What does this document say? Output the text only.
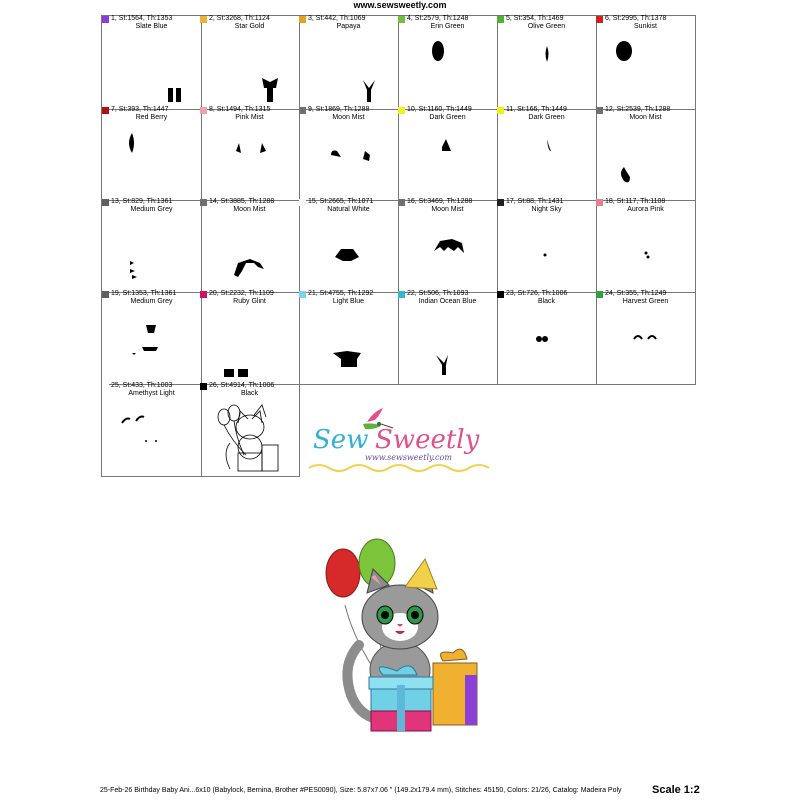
www.sewsweetly.com
1, St:1564, Th:1353
Slate Blue
2, St:3268, Th:1124
Star Gold
3, St:442, Th:1069
Papaya
4, St:2579, Th:1248
Erin Green
5, St:354, Th:1469
Olive Green
6, St:2995, Th:1378
Sunkist
7, St:393, Th:1447
Red Berry
8, St:1494, Th:1315
Pink Mist
9, St:1869, Th:1288
Moon Mist
10, St:1160, Th:1449
Dark Green
11, St:166, Th:1449
Dark Green
12, St:2539, Th:1288
Moon Mist
13, St:829, Th:1361
Medium Grey
14, St:3885, Th:1288
Moon Mist
15, St:2665, Th:1071
Natural White
16, St:3469, Th:1288
Moon Mist
17, St:88, Th:1431
Night Sky
18, St:117, Th:1108
Aurora Pink
19, St:1353, Th:1361
Medium Grey
20, St:2232, Th:1109
Ruby Glint
21, St:4755, Th:1292
Light Blue
22, St:506, Th:1093
Indian Ocean Blue
23, St:726, Th:1006
Black
24, St:355, Th:1249
Harvest Green
25, St:433, Th:1003
Amethyst Light
26, St:4914, Th:1006
Black
Sew Sweetly
www.sewsweetly.com
25-Feb-26 Birthday Baby Ani...6x10 (Babylock, Bernina, Brother #PES0090), Size: 5.87x7.06 " (149.2x179.4 mm), Stitches: 45150, Colors: 21/26, Catalog: Madeira Poly	Scale 1:2
